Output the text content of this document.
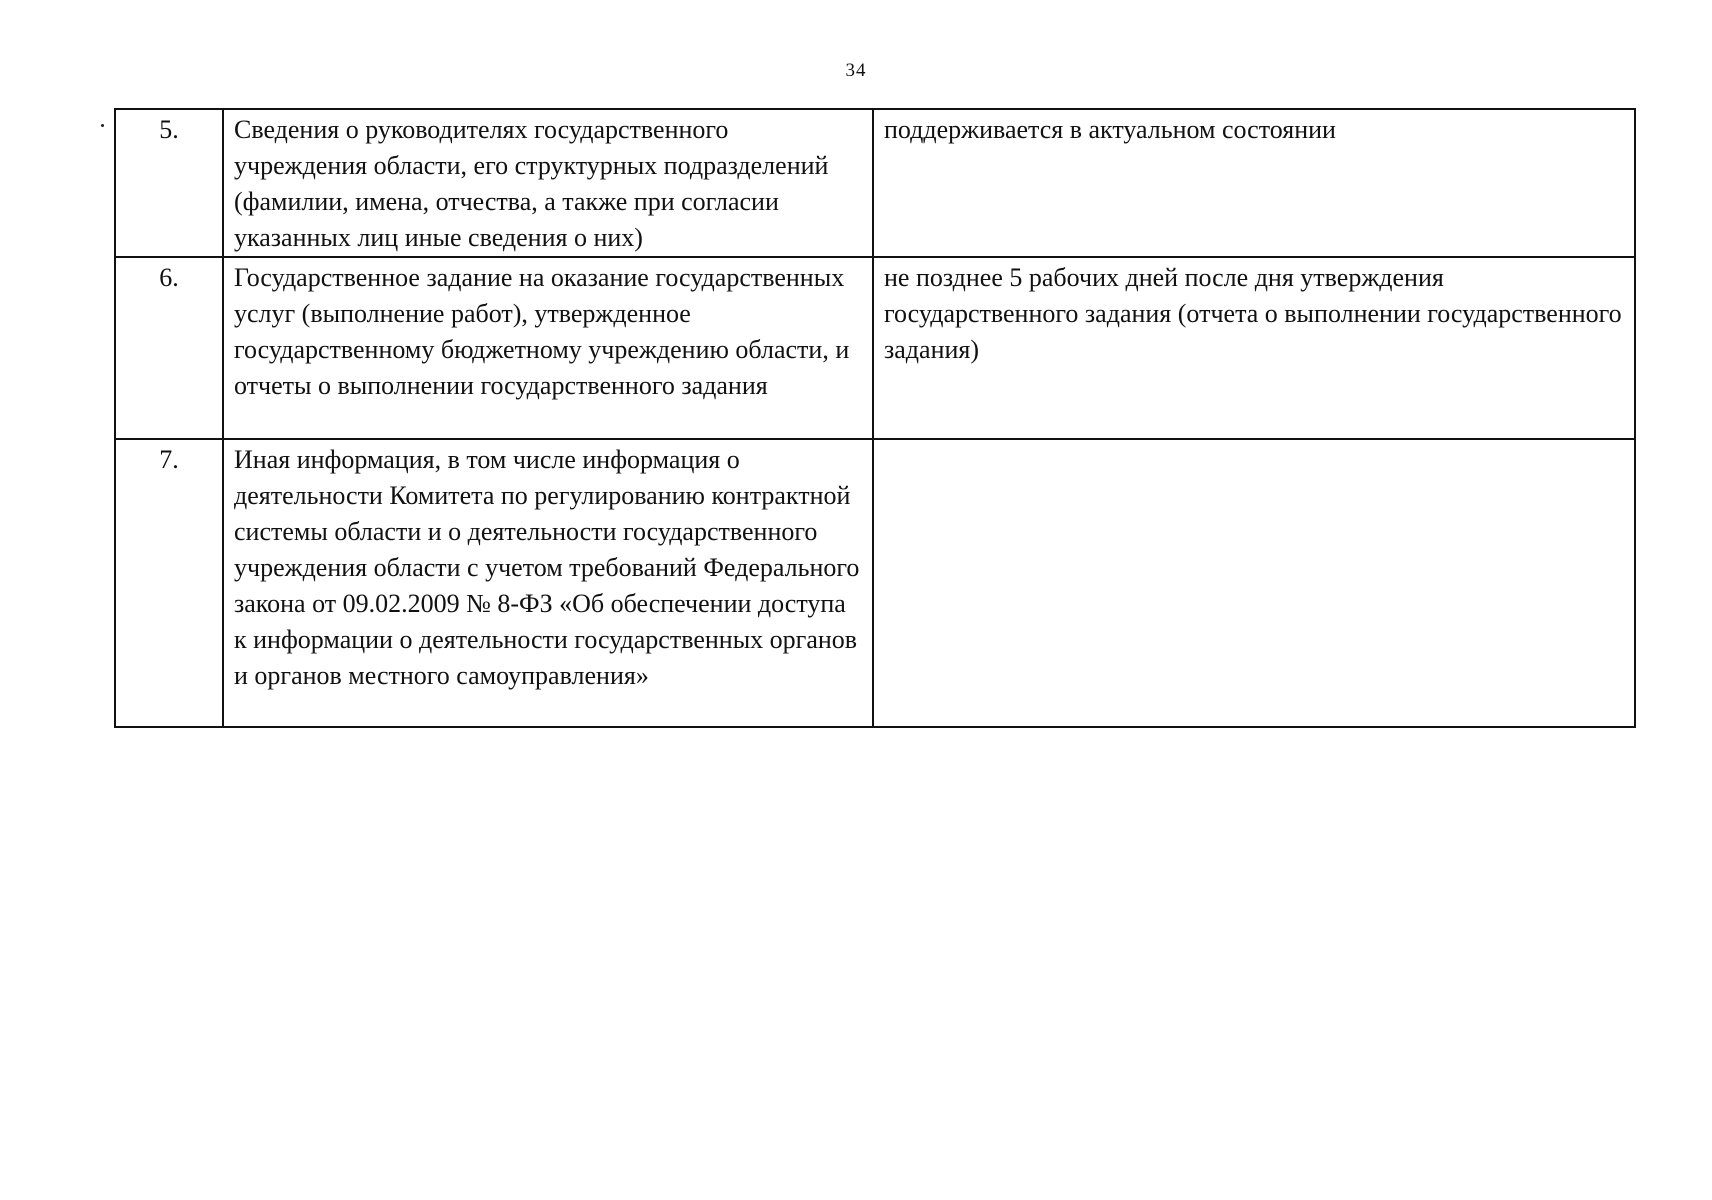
34
5.	Сведения о руководителях государственного учреждения области, его структурных подразделений (фамилии, имена, отчества, а также при согласии указанных лиц иные сведения о них)	поддерживается в актуальном состоянии

6.	Государственное задание на оказание государственных услуг (выполнение работ), утвержденное государственному бюджетному учреждению области, и отчеты о выполнении государственного задания	не позднее 5 рабочих дней после дня утверждения государственного задания (отчета о выполнении государственного задания)

7.	Иная информация, в том числе информация о деятельности Комитета по регулированию контрактной системы области и о деятельности государственного учреждения области с учетом требований Федерального закона от 09.02.2009 № 8-ФЗ «Об обеспечении доступа к информации о деятельности государственных органов и органов местного самоуправления»	
